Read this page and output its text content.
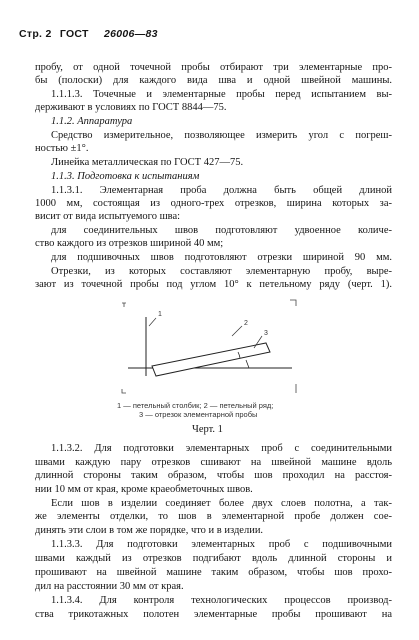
Стр. 2 ГОСТ 26006—83
пробу, от одной точечной пробы отбирают три элементарные про-
бы (полоски) для каждого вида шва и одной швейной машины.
1.1.1.3. Точечные и элементарные пробы перед испытанием вы-
держивают в условиях по ГОСТ 8844—75.
1.1.2. Аппаратура
Средство измерительное, позволяющее измерить угол с погреш-
ностью ±1°.
Линейка металлическая по ГОСТ 427—75.
1.1.3. Подготовка к испытаниям
1.1.3.1. Элементарная проба должна быть общей длиной
1000 мм, состоящая из одного-трех отрезков, ширина которых за-
висит от вида испытуемого шва:
для соединительных швов подготовляют удвоенное количе-
ство каждого из отрезков шириной 40 мм;
для подшивочных швов подготовляют отрезки шириной 90 мм.
Отрезки, из которых составляют элементарную пробу, выре-
зают из точечной пробы под углом 10° к петельному ряду (черт. 1).
1
2
3
1 — петельный столбик; 2 — петельный ряд;
3 — отрезок элементарной пробы
Черт. 1
1.1.3.2. Для подготовки элементарных проб с соединительными
швами каждую пару отрезков сшивают на швейной машине вдоль
длинной стороны таким образом, чтобы шов проходил на расстоя-
нии 10 мм от края, кроме краеобметочных швов.
Если шов в изделии соединяет более двух слоев полотна, а так-
же элементы отделки, то шов в элементарной пробе должен сое-
динять эти слои в том же порядке, что и в изделии.
1.1.3.3. Для подготовки элементарных проб с подшивочными
швами каждый из отрезков подгибают вдоль длинной стороны и
прошивают на швейной машине таким образом, чтобы шов прохо-
дил на расстоянии 30 мм от края.
1.1.3.4. Для контроля технологических процессов производ-
ства трикотажных полотен элементарные пробы прошивают на
